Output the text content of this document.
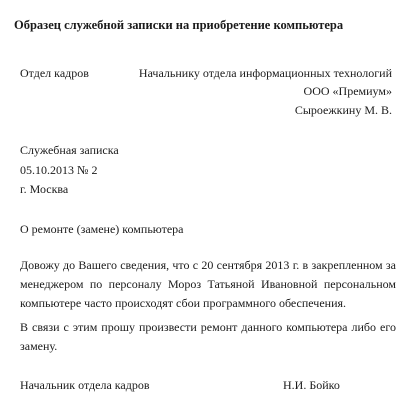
Образец служебной записки на приобретение компьютера
Отдел кадров	Начальнику отдела информационных технологий
ООО «Премиум»
Сыроежкину М. В.
Служебная записка
05.10.2013 № 2
г. Москва
О ремонте (замене) компьютера
Довожу до Вашего сведения, что с 20 сентября 2013 г. в закрепленном за менеджером по персоналу Мороз Татьяной Ивановной персональном компьютере часто происходят сбои программного обеспечения.
В связи с этим прошу произвести ремонт данного компьютера либо его замену.
Начальник отдела кадров	Н.И. Бойко
